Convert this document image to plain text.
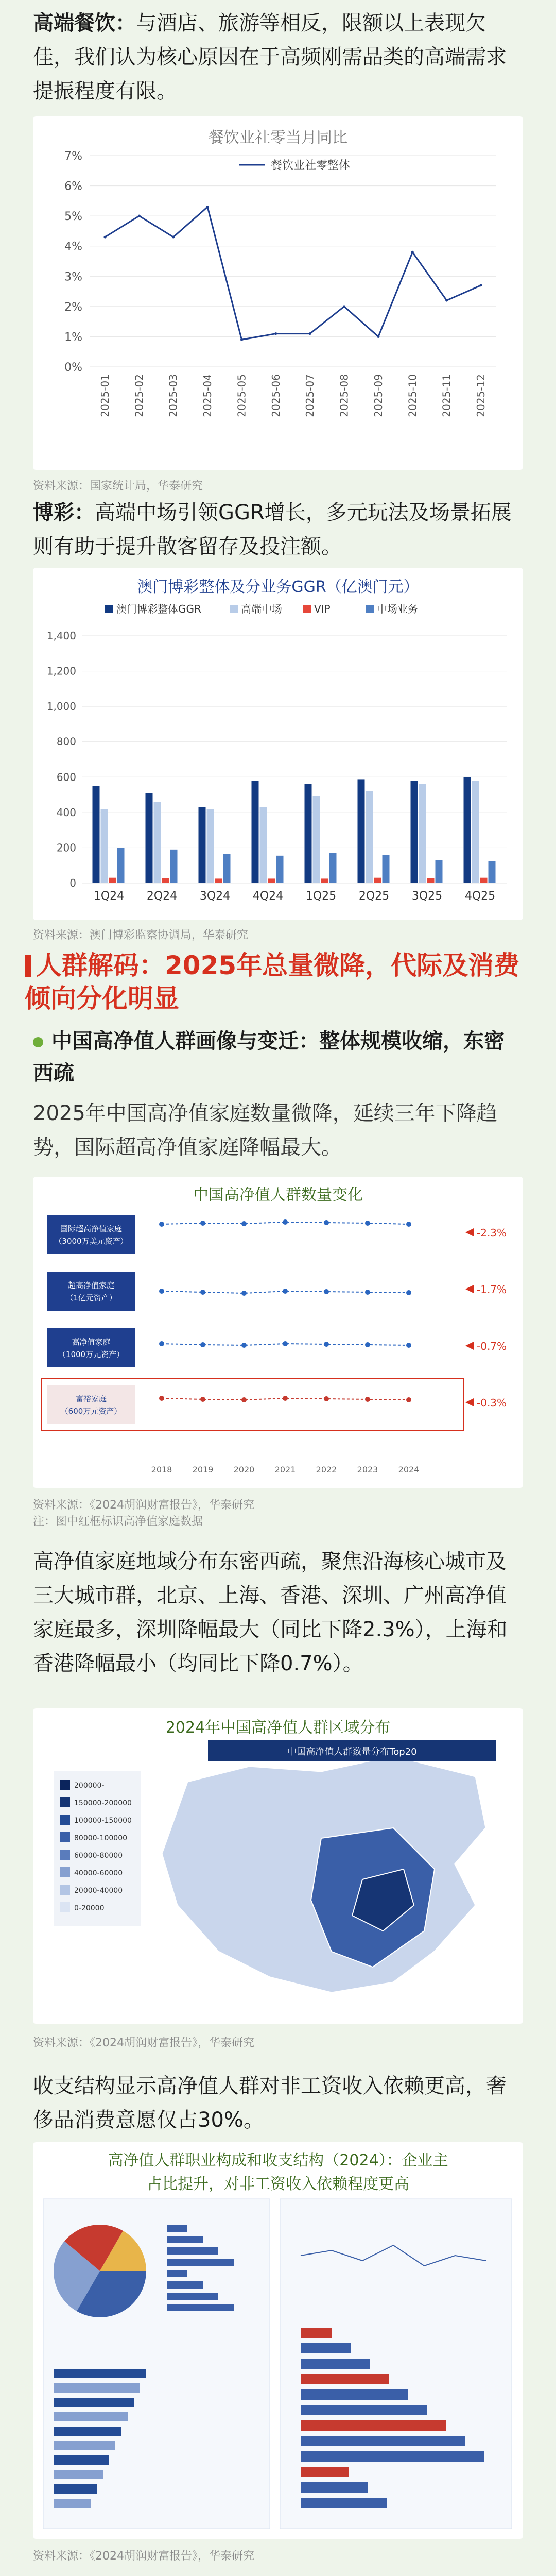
高端餐饮：与酒店、旅游等相反，限额以上表现欠佳，我们认为核心原因在于高频刚需品类的高端需求提振程度有限。

餐饮业社零当月同比
0%
1%
2%
3%
4%
5%
6%
7%
2025-01 2025-02 2025-03 2025-04 2025-05 2025-06 2025-07 2025-08 2025-09 2025-10 2025-11 2025-12
餐饮业社零整体
资料来源：国家统计局，华泰研究

博彩：高端中场引领GGR增长，多元玩法及场景拓展则有助于提升散客留存及投注额。

澳门博彩整体及分业务GGR（亿澳门元）
0
200
400
600
800
1,000
1,200
1,400
澳门博彩整体GGR	高端中场	VIP	中场业务
1Q24 2Q24 3Q24 4Q24 1Q25 2Q25 3Q25 4Q25
资料来源：澳门博彩监察协调局，华泰研究
人群解码：2025年总量微降，代际及消费倾向分化明显
中国高净值人群画像与变迁：整体规模收缩，东密西疏

2025年中国高净值家庭数量微降，延续三年下降趋势，国际超高净值家庭降幅最大。

中国高净值人群数量变化
国际超高净值家庭
（3000万美元资产）
超高净值家庭
（1亿元资产）
高净值家庭
（1000万元资产）
富裕家庭
（600万元资产）
-2.3%
-1.7%
-0.7%
-0.3%
2018 2019 2020 2021 2022 2023 2024
资料来源：《2024胡润财富报告》，华泰研究
注：图中红框标识高净值家庭数据

高净值家庭地域分布东密西疏，聚焦沿海核心城市及三大城市群，北京、上海、香港、深圳、广州高净值家庭最多，深圳降幅最大（同比下降2.3%），上海和香港降幅最小（均同比下降0.7%）。

2024年中国高净值人群区域分布
中国高净值人群数量分布Top20
200000-
150000-200000
100000-150000
80000-100000
60000-80000
40000-60000
20000-40000
0-20000
资料来源：《2024胡润财富报告》，华泰研究

收支结构显示高净值人群对非工资收入依赖更高，奢侈品消费意愿仅占30%。

高净值人群职业构成和收支结构（2024）：企业主
占比提升，对非工资收入依赖程度更高
资料来源：《2024胡润财富报告》，华泰研究
